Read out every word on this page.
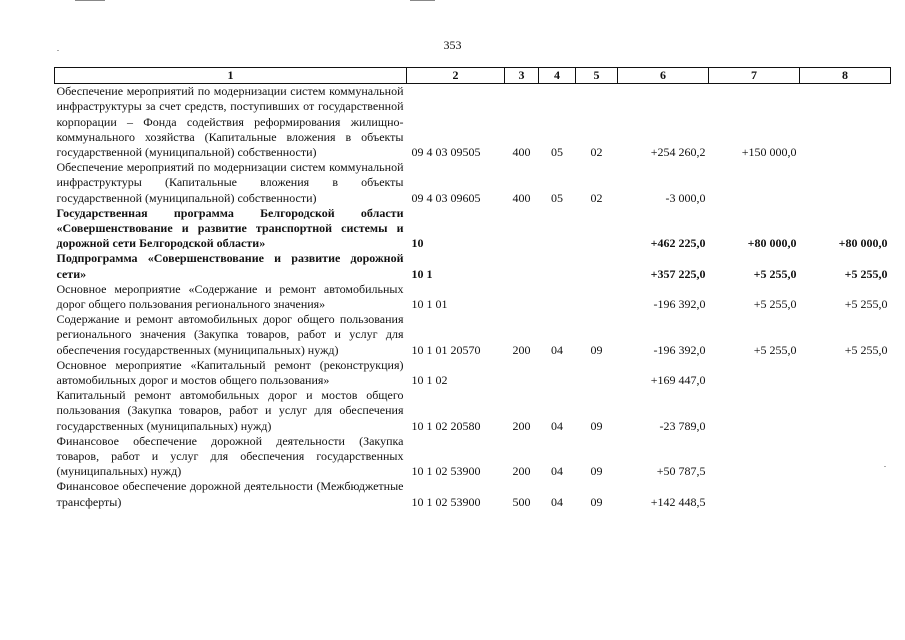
353
1	2	3	4	5	6	7	8
Обеспечение мероприятий по модернизации систем коммунальной инфраструктуры за счет средств, поступивших от государственной корпорации – Фонда содействия реформирования жилищно-коммунального хозяйства (Капитальные вложения в объекты государственной (муниципальной) собственности)	09 4 03 09505	400	05	02	+254 260,2	+150 000,0	
Обеспечение мероприятий по модернизации систем коммунальной инфраструктуры (Капитальные вложения в объекты государственной (муниципальной) собственности)	09 4 03 09605	400	05	02	-3 000,0		
Государственная программа Белгородской области «Совершенствование и развитие транспортной системы и дорожной сети Белгородской области»	10				+462 225,0	+80 000,0	+80 000,0
Подпрограмма «Совершенствование и развитие дорожной сети»	10 1				+357 225,0	+5 255,0	+5 255,0
Основное мероприятие «Содержание и ремонт автомобильных дорог общего пользования регионального значения»	10 1 01				-196 392,0	+5 255,0	+5 255,0
Содержание и ремонт автомобильных дорог общего пользования регионального значения (Закупка товаров, работ и услуг для обеспечения государственных (муниципальных) нужд)	10 1 01 20570	200	04	09	-196 392,0	+5 255,0	+5 255,0
Основное мероприятие «Капитальный ремонт (реконструкция) автомобильных дорог и мостов общего пользования»	10 1 02				+169 447,0		
Капитальный ремонт автомобильных дорог и мостов общего пользования (Закупка товаров, работ и услуг для обеспечения государственных (муниципальных) нужд)	10 1 02 20580	200	04	09	-23 789,0		
Финансовое обеспечение дорожной деятельности (Закупка товаров, работ и услуг для обеспечения государственных (муниципальных) нужд)	10 1 02 53900	200	04	09	+50 787,5		
Финансовое обеспечение дорожной деятельности (Межбюджетные трансферты)	10 1 02 53900	500	04	09	+142 448,5		
